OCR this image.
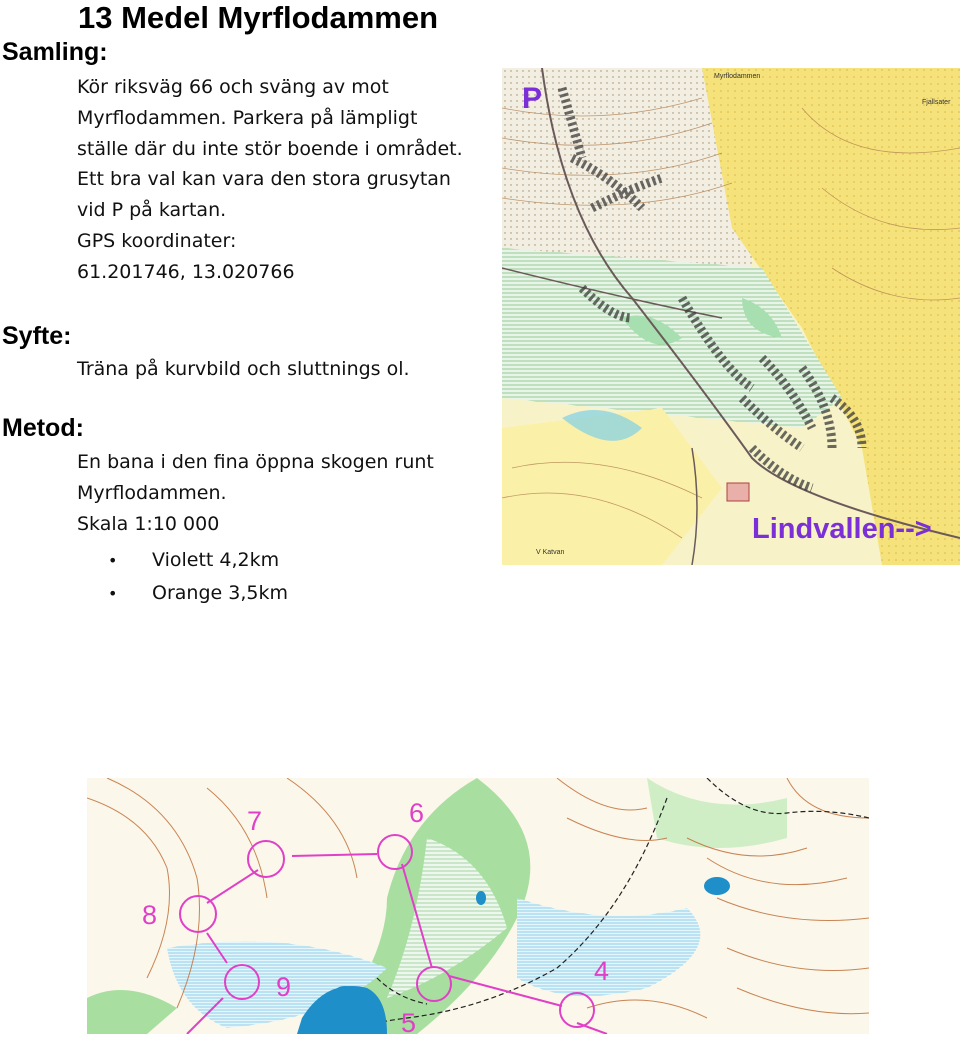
13 Medel Myrflodammen
Samling:
Kör riksväg 66 och sväng av mot
Myrflodammen. Parkera på lämpligt
ställe där du inte stör boende i området.
Ett bra val kan vara den stora grusytan
vid P på kartan.
GPS koordinater:
61.201746, 13.020766
Syfte:
Träna på kurvbild och sluttnings ol.
Metod:
En bana i den fina öppna skogen runt
Myrflodammen.
Skala 1:10 000
• Violett 4,2km
• Orange 3,5km
Myrflodammen
Fjallsater
V Katvan
P
Lindvallen-->
7	6
8
9
5
4
